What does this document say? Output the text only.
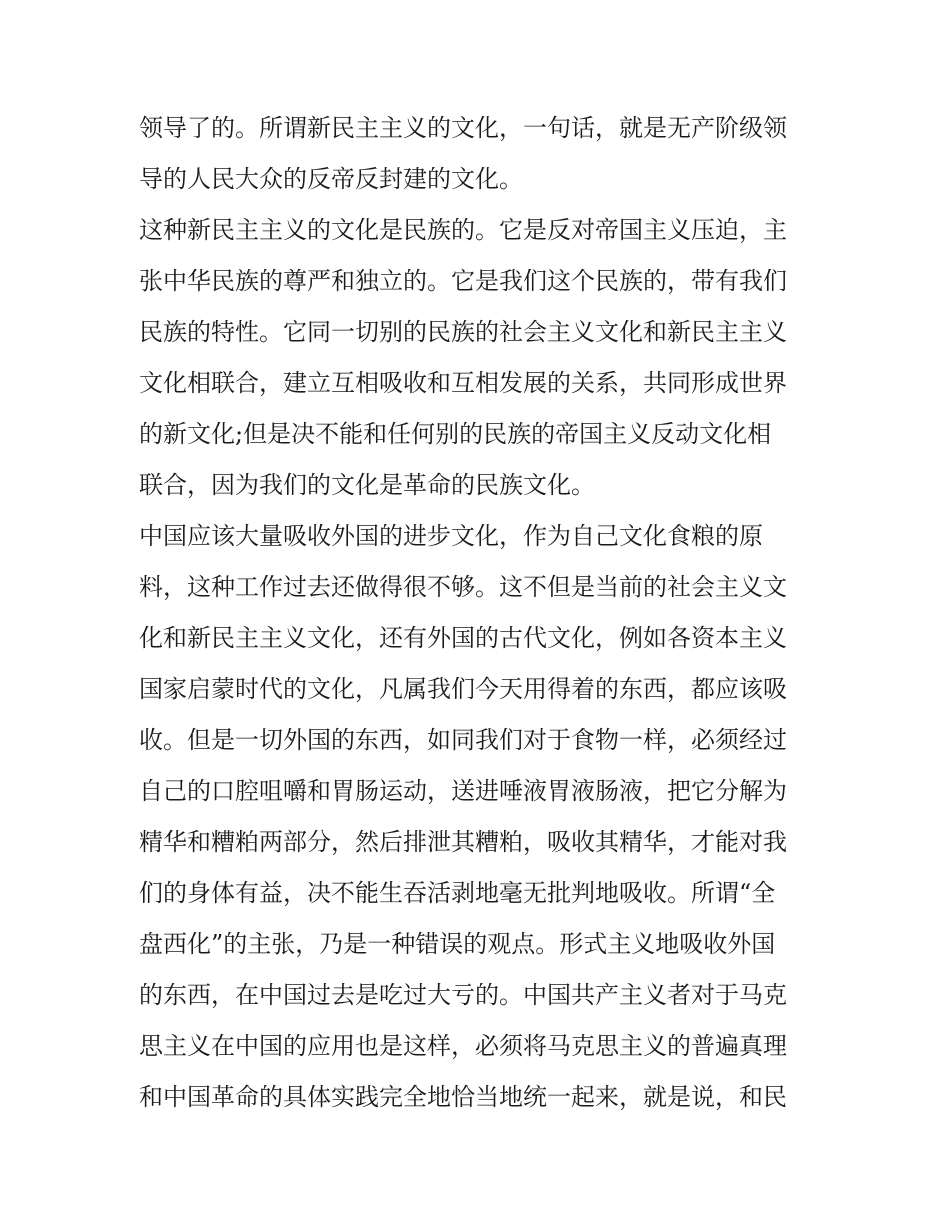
领导了的。所谓新民主主义的文化，一句话，就是无产阶级领
导的人民大众的反帝反封建的文化。
这种新民主主义的文化是民族的。它是反对帝国主义压迫，主
张中华民族的尊严和独立的。它是我们这个民族的，带有我们
民族的特性。它同一切别的民族的社会主义文化和新民主主义
文化相联合，建立互相吸收和互相发展的关系，共同形成世界
的新文化;但是决不能和任何别的民族的帝国主义反动文化相
联合，因为我们的文化是革命的民族文化。
中国应该大量吸收外国的进步文化，作为自己文化食粮的原
料，这种工作过去还做得很不够。这不但是当前的社会主义文
化和新民主主义文化，还有外国的古代文化，例如各资本主义
国家启蒙时代的文化，凡属我们今天用得着的东西，都应该吸
收。但是一切外国的东西，如同我们对于食物一样，必须经过
自己的口腔咀嚼和胃肠运动，送进唾液胃液肠液，把它分解为
精华和糟粕两部分，然后排泄其糟粕，吸收其精华，才能对我
们的身体有益，决不能生吞活剥地毫无批判地吸收。所谓“全
盘西化”的主张，乃是一种错误的观点。形式主义地吸收外国
的东西，在中国过去是吃过大亏的。中国共产主义者对于马克
思主义在中国的应用也是这样，必须将马克思主义的普遍真理
和中国革命的具体实践完全地恰当地统一起来，就是说，和民
